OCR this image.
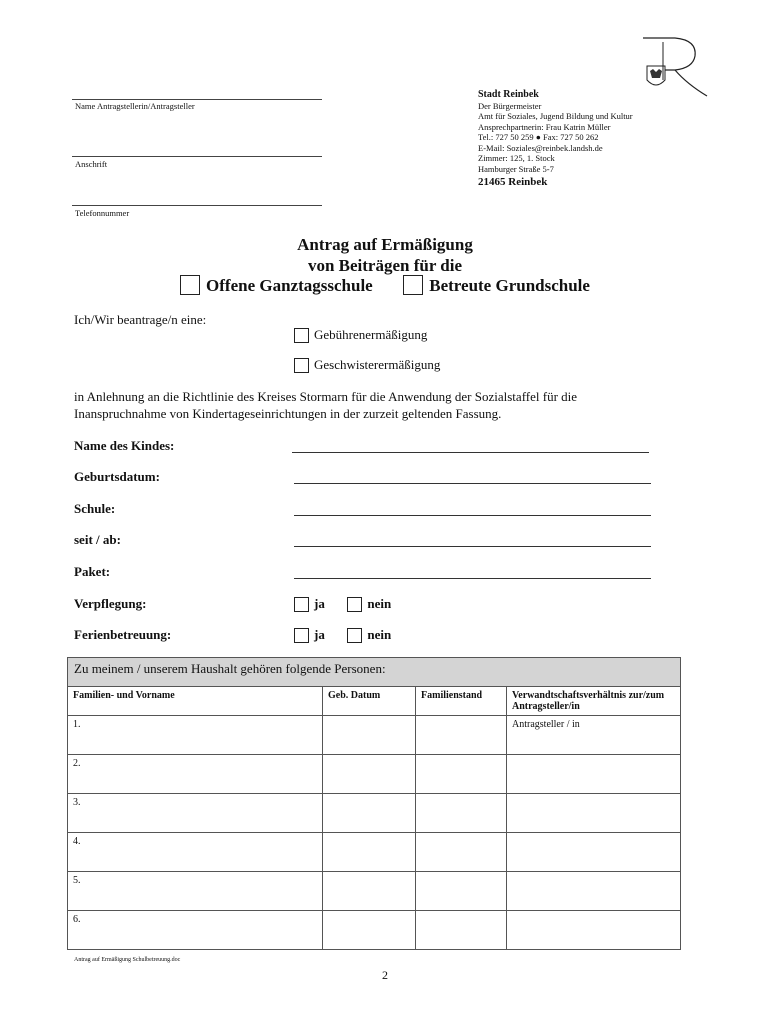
Name Antragstellerin/Antragsteller
Anschrift
Telefonnummer
Stadt Reinbek
Der Bürgermeister
Amt für Soziales, Jugend Bildung und Kultur
Ansprechpartnerin: Frau Katrin Müller
Tel.: 727 50 259 ● Fax: 727 50 262
E-Mail: Soziales@reinbek.landsh.de
Zimmer: 125, 1. Stock
Hamburger Straße 5-7
21465 Reinbek
Antrag auf Ermäßigung
von Beiträgen für die
Offene Ganztagsschule	Betreute Grundschule
Ich/Wir beantrage/n eine:
Gebührenermäßigung
Geschwisterermäßigung
in Anlehnung an die Richtlinie des Kreises Stormarn für die Anwendung der Sozialstaffel für die
Inanspruchnahme von Kindertageseinrichtungen in der zurzeit geltenden Fassung.
Name des Kindes:
Geburtsdatum:
Schule:
seit / ab:
Paket:
Verpflegung:	ja	nein
Ferienbetreuung:	ja	nein
Zu meinem / unserem Haushalt gehören folgende Personen:			
Familien- und Vorname	Geb. Datum	Familienstand	Verwandtschaftsverhältnis zur/zum Antragsteller/in
1.			Antragsteller / in
2.			
3.			
4.			
5.			
6.			
Antrag auf Ermäßigung Schulbetreuung.doc
2
